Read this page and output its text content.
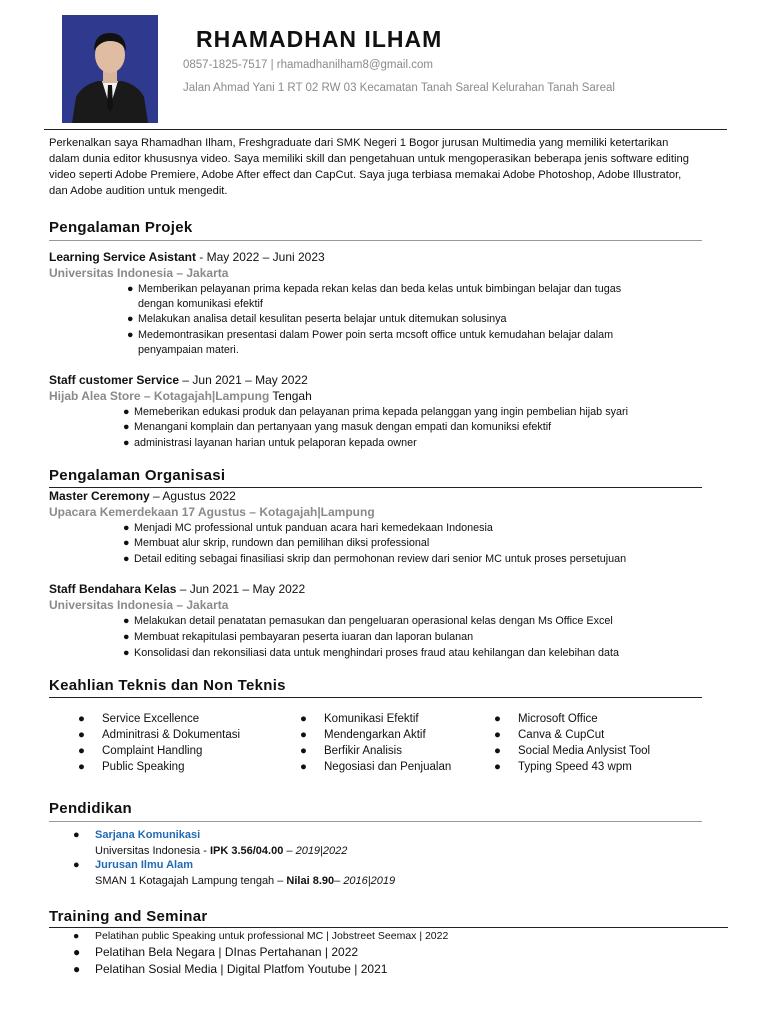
RHAMADHAN ILHAM
0857-1825-7517 | rhamadhanilham8@gmail.com
Jalan Ahmad Yani 1 RT 02 RW 03 Kecamatan Tanah Sareal Kelurahan Tanah Sareal
Perkenalkan saya Rhamadhan Ilham, Freshgraduate dari SMK Negeri 1 Bogor jurusan Multimedia yang memiliki ketertarikan dalam dunia editor khususnya video. Saya memiliki skill dan pengetahuan untuk mengoperasikan beberapa jenis software editing video seperti Adobe Premiere, Adobe After effect dan CapCut. Saya juga terbiasa memakai Adobe Photoshop, Adobe Illustrator, dan Adobe audition untuk mengedit.
Pengalaman Projek
Learning Service Asistant - May 2022 – Juni 2023
Universitas Indonesia – Jakarta
● Memberikan pelayanan prima kepada rekan kelas dan beda kelas untuk bimbingan belajar dan tugas
dengan komunikasi efektif
● Melakukan analisa detail kesulitan peserta belajar untuk ditemukan solusinya
● Medemontrasikan presentasi dalam Power poin serta mcsoft office untuk kemudahan belajar dalam
penyampaian materi.
Staff customer Service – Jun 2021 – May 2022
Hijab Alea Store – Kotagajah|Lampung Tengah
● Memeberikan edukasi produk dan pelayanan prima kepada pelanggan yang ingin pembelian hijab syari
● Menangani komplain dan pertanyaan yang masuk dengan empati dan komuniksi efektif
● administrasi layanan harian untuk pelaporan kepada owner
Pengalaman Organisasi
Master Ceremony – Agustus 2022
Upacara Kemerdekaan 17 Agustus – Kotagajah|Lampung
● Menjadi MC professional untuk panduan acara hari kemedekaan Indonesia
● Membuat alur skrip, rundown dan pemilihan diksi professional
● Detail editing sebagai finasiliasi skrip dan permohonan review dari senior MC untuk proses persetujuan
Staff Bendahara Kelas – Jun 2021 – May 2022
Universitas Indonesia – Jakarta
● Melakukan detail penatatan pemasukan dan pengeluaran operasional kelas dengan Ms Office Excel
● Membuat rekapitulasi pembayaran peserta iuaran dan laporan bulanan
● Konsolidasi dan rekonsiliasi data untuk menghindari proses fraud atau kehilangan dan kelebihan data
Keahlian Teknis dan Non Teknis
● Service Excellence
● Adminitrasi & Dokumentasi
● Complaint Handling
● Public Speaking
● Komunikasi Efektif
● Mendengarkan Aktif
● Berfikir Analisis
● Negosiasi dan Penjualan
● Microsoft Office
● Canva & CupCut
● Social Media Anlysist Tool
● Typing Speed 43 wpm
Pendidikan
● Sarjana Komunikasi
Universitas Indonesia - IPK 3.56/04.00 – 2019|2022
● Jurusan Ilmu Alam
SMAN 1 Kotagajah Lampung tengah – Nilai 8.90– 2016|2019
Training and Seminar
● Pelatihan public Speaking untuk professional MC | Jobstreet Seemax | 2022
● Pelatihan Bela Negara | DInas Pertahanan | 2022
● Pelatihan Sosial Media | Digital Platfom Youtube | 2021
